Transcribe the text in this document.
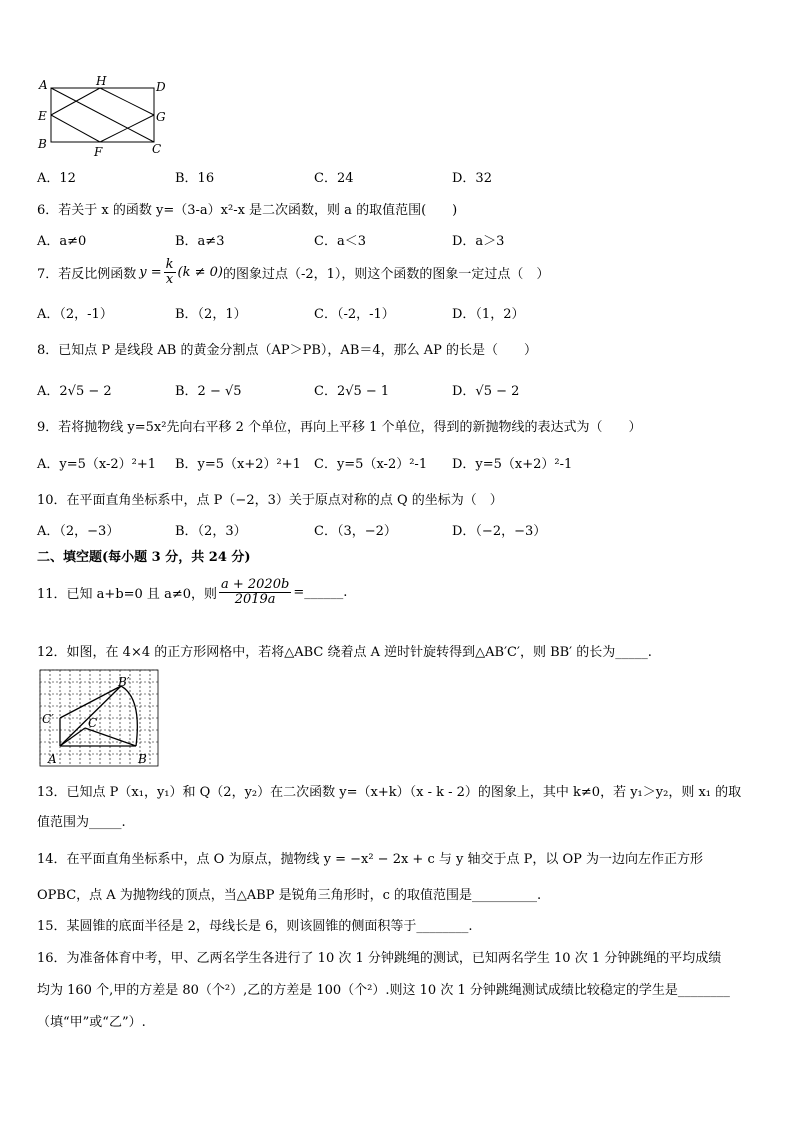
A	H	D
E	G
B
F	C
A．12	B．16	C．24	D．32
6．若关于 x 的函数 y=（3-a）x²-x 是二次函数，则 a 的取值范围(　　)
A．a≠0	B．a≠3	C．a＜3	D．a＞3
7．若反比例函数 $y = \frac{k}{x} (k \ne 0)$ 的图象过点（-2，1），则这个函数的图象一定过点（　）
A．（2，-1）	B．（2，1）	C．（-2，-1）	D．（1，2）
8．已知点 P 是线段 AB 的黄金分割点（AP＞PB），AB＝4，那么 AP 的长是（　　）
A．2√5 − 2	B．2 − √5	C．2√5 − 1	D．√5 − 2
9．若将抛物线 y=5x²先向右平移 2 个单位，再向上平移 1 个单位，得到的新抛物线的表达式为（　　）
A．y=5（x-2）²+1 B．y=5（x+2）²+1 C．y=5（x-2）²-1 D．y=5（x+2）²-1
10．在平面直角坐标系中，点 P（−2，3）关于原点对称的点 Q 的坐标为（　）
A．（2，−3）	B．（2，3）	C．（3，−2）	D．（−2，−3）
二、填空题(每小题 3 分，共 24 分)
11．已知 a+b=0 且 a≠0，则 $\frac{a + 2020b}{2019a}$ =______.
12．如图，在 4×4 的正方形网格中，若将△ABC 绕着点 A 逆时针旋转得到△AB′C′，则 BB′ 的长为_____.
B′
C′	C
A	B
13．已知点 P（x₁，y₁）和 Q（2，y₂）在二次函数 y=（x+k）（x - k - 2）的图象上，其中 k≠0，若 y₁＞y₂，则 x₁ 的取
值范围为_____.
14．在平面直角坐标系中，点 O 为原点，抛物线 y = −x² − 2x + c 与 y 轴交于点 P，以 OP 为一边向左作正方形
OPBC，点 A 为抛物线的顶点，当△ABP 是锐角三角形时，c 的取值范围是__________.
15．某圆锥的底面半径是 2，母线长是 6，则该圆锥的侧面积等于________.
16．为准备体育中考，甲、乙两名学生各进行了 10 次 1 分钟跳绳的测试，已知两名学生 10 次 1 分钟跳绳的平均成绩
均为 160 个,甲的方差是 80（个²）,乙的方差是 100（个²）.则这 10 次 1 分钟跳绳测试成绩比较稳定的学生是________
（填“甲”或“乙”）.
